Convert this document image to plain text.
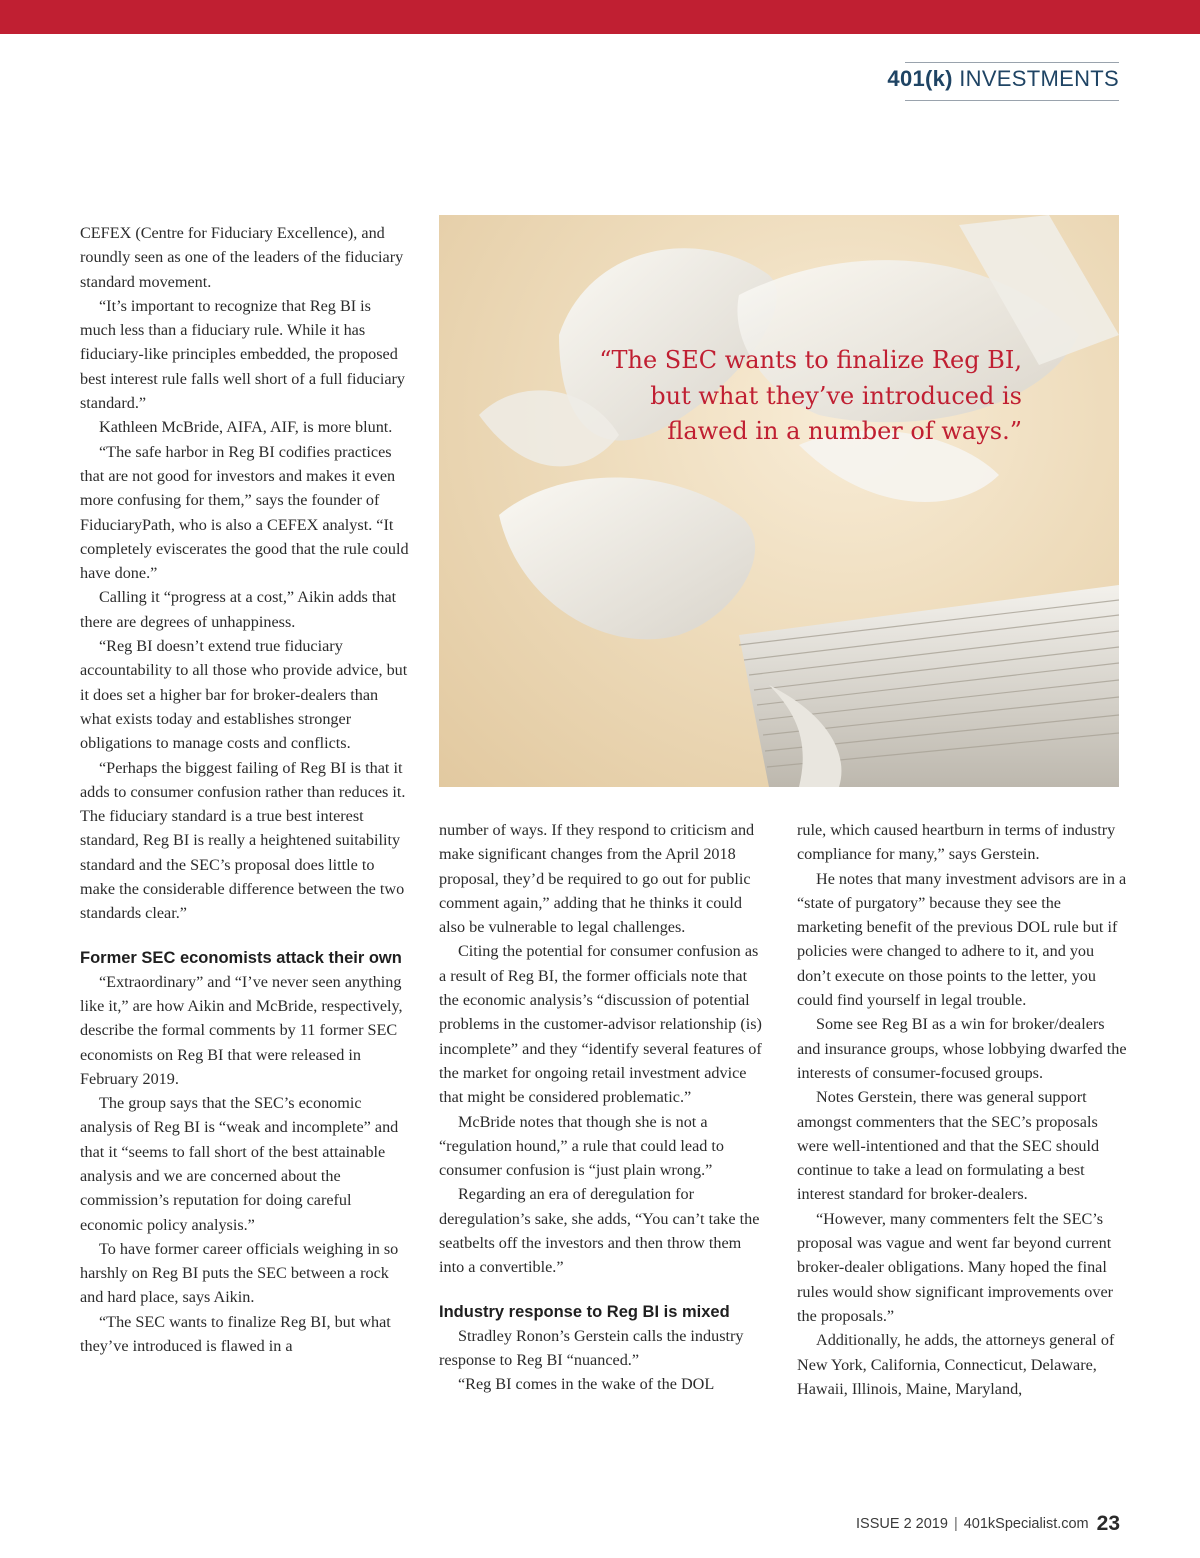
401(k) INVESTMENTS
“The SEC wants to finalize Reg BI,
but what they’ve introduced is
flawed in a number of ways.”

CEFEX (Centre for Fiduciary Excellence), and roundly seen as one of the leaders of the fiduciary standard movement.

“It’s important to recognize that Reg BI is much less than a fiduciary rule. While it has fiduciary-like principles embedded, the proposed best interest rule falls well short of a full fiduciary standard.”

Kathleen McBride, AIFA, AIF, is more blunt.

“The safe harbor in Reg BI codifies practices that are not good for investors and makes it even more confusing for them,” says the founder of FiduciaryPath, who is also a CEFEX analyst. “It completely eviscerates the good that the rule could have done.”

Calling it “progress at a cost,” Aikin adds that there are degrees of unhappiness.

“Reg BI doesn’t extend true fiduciary accountability to all those who provide advice, but it does set a higher bar for broker-dealers than what exists today and establishes stronger obligations to manage costs and conflicts.

“Perhaps the biggest failing of Reg BI is that it adds to consumer confusion rather than reduces it. The fiduciary standard is a true best interest standard, Reg BI is really a heightened suitability standard and the SEC’s proposal does little to make the considerable difference between the two standards clear.”

Former SEC economists attack their own

“Extraordinary” and “I’ve never seen anything like it,” are how Aikin and McBride, respectively, describe the formal comments by 11 former SEC economists on Reg BI that were released in February 2019.

The group says that the SEC’s economic analysis of Reg BI is “weak and incomplete” and that it “seems to fall short of the best attainable analysis and we are concerned about the commission’s reputation for doing careful economic policy analysis.”

To have former career officials weighing in so harshly on Reg BI puts the SEC between a rock and hard place, says Aikin.

“The SEC wants to finalize Reg BI, but what they’ve introduced is flawed in a

number of ways. If they respond to criticism and make significant changes from the April 2018 proposal, they’d be required to go out for public comment again,” adding that he thinks it could also be vulnerable to legal challenges.

Citing the potential for consumer confusion as a result of Reg BI, the former officials note that the economic analysis’s “discussion of potential problems in the customer-advisor relationship (is) incomplete” and they “identify several features of the market for ongoing retail investment advice that might be considered problematic.”

McBride notes that though she is not a “regulation hound,” a rule that could lead to consumer confusion is “just plain wrong.”

Regarding an era of deregulation for deregulation’s sake, she adds, “You can’t take the seatbelts off the investors and then throw them into a convertible.”

Industry response to Reg BI is mixed

Stradley Ronon’s Gerstein calls the industry response to Reg BI “nuanced.”

“Reg BI comes in the wake of the DOL

rule, which caused heartburn in terms of industry compliance for many,” says Gerstein.

He notes that many investment advisors are in a “state of purgatory” because they see the marketing benefit of the previous DOL rule but if policies were changed to adhere to it, and you don’t execute on those points to the letter, you could find yourself in legal trouble.

Some see Reg BI as a win for broker/dealers and insurance groups, whose lobbying dwarfed the interests of consumer-focused groups.

Notes Gerstein, there was general support amongst commenters that the SEC’s proposals were well-intentioned and that the SEC should continue to take a lead on formulating a best interest standard for broker-dealers.

“However, many commenters felt the SEC’s proposal was vague and went far beyond current broker-dealer obligations. Many hoped the final rules would show significant improvements over the proposals.”

Additionally, he adds, the attorneys general of New York, California, Connecticut, Delaware, Hawaii, Illinois, Maine, Maryland,

ISSUE 2 2019 | 401kSpecialist.com 23
